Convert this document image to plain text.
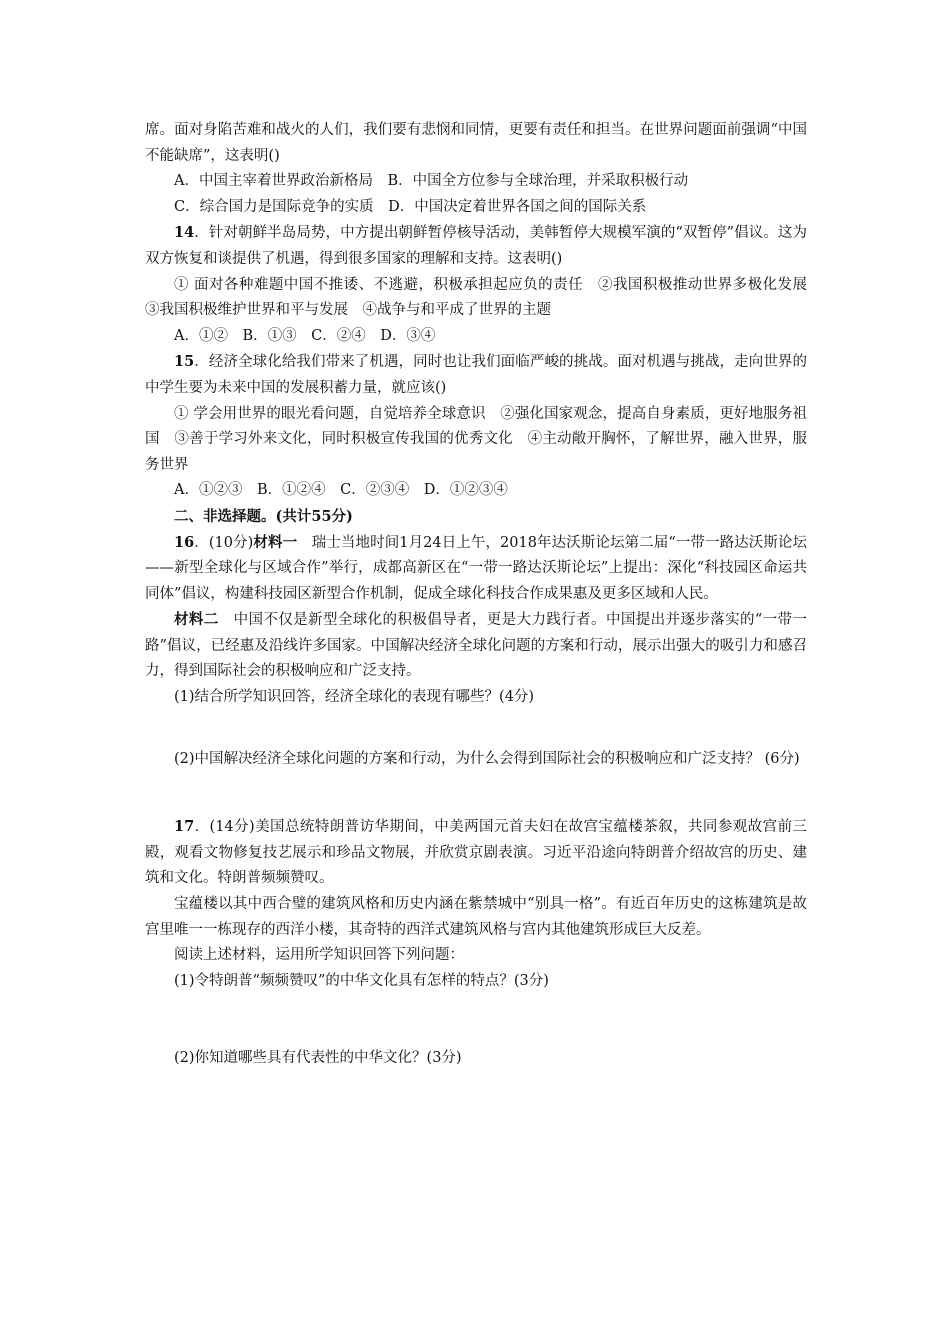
席。面对身陷苦难和战火的人们，我们要有悲悯和同情，更要有责任和担当。在世界问题面前强调“中国不能缺席”，这表明()

A．中国主宰着世界政治新格局　B．中国全方位参与全球治理，并采取积极行动

C．综合国力是国际竞争的实质　D．中国决定着世界各国之间的国际关系

14．针对朝鲜半岛局势，中方提出朝鲜暂停核导活动，美韩暂停大规模军演的“双暂停”倡议。这为双方恢复和谈提供了机遇，得到很多国家的理解和支持。这表明()

① 面对各种难题中国不推诿、不逃避，积极承担起应负的责任　②我国积极推动世界多极化发展　③我国积极维护世界和平与发展　④战争与和平成了世界的主题

A．①②　B．①③　C．②④　D．③④

15．经济全球化给我们带来了机遇，同时也让我们面临严峻的挑战。面对机遇与挑战，走向世界的中学生要为未来中国的发展积蓄力量，就应该()

① 学会用世界的眼光看问题，自觉培养全球意识　②强化国家观念，提高自身素质，更好地服务祖国　③善于学习外来文化，同时积极宣传我国的优秀文化　④主动敞开胸怀，了解世界，融入世界，服务世界

A．①②③　B．①②④　C．②③④　D．①②③④

二、非选择题。(共计55分)

16．(10分)材料一　瑞士当地时间1月24日上午，2018年达沃斯论坛第二届“一带一路达沃斯论坛——新型全球化与区域合作”举行，成都高新区在“一带一路达沃斯论坛”上提出：深化“科技园区命运共同体”倡议，构建科技园区新型合作机制，促成全球化科技合作成果惠及更多区域和人民。

材料二　中国不仅是新型全球化的积极倡导者，更是大力践行者。中国提出并逐步落实的“一带一路”倡议，已经惠及沿线许多国家。中国解决经济全球化问题的方案和行动，展示出强大的吸引力和感召力，得到国际社会的积极响应和广泛支持。

(1)结合所学知识回答，经济全球化的表现有哪些？(4分)

(2)中国解决经济全球化问题的方案和行动，为什么会得到国际社会的积极响应和广泛支持？ (6分)

17．(14分)美国总统特朗普访华期间，中美两国元首夫妇在故宫宝蕴楼茶叙，共同参观故宫前三殿，观看文物修复技艺展示和珍品文物展，并欣赏京剧表演。习近平沿途向特朗普介绍故宫的历史、建筑和文化。特朗普频频赞叹。

宝蕴楼以其中西合璧的建筑风格和历史内涵在紫禁城中“别具一格”。有近百年历史的这栋建筑是故宫里唯一一栋现存的西洋小楼，其奇特的西洋式建筑风格与宫内其他建筑形成巨大反差。

阅读上述材料，运用所学知识回答下列问题：

(1)令特朗普“频频赞叹”的中华文化具有怎样的特点？(3分)

(2)你知道哪些具有代表性的中华文化？(3分)
